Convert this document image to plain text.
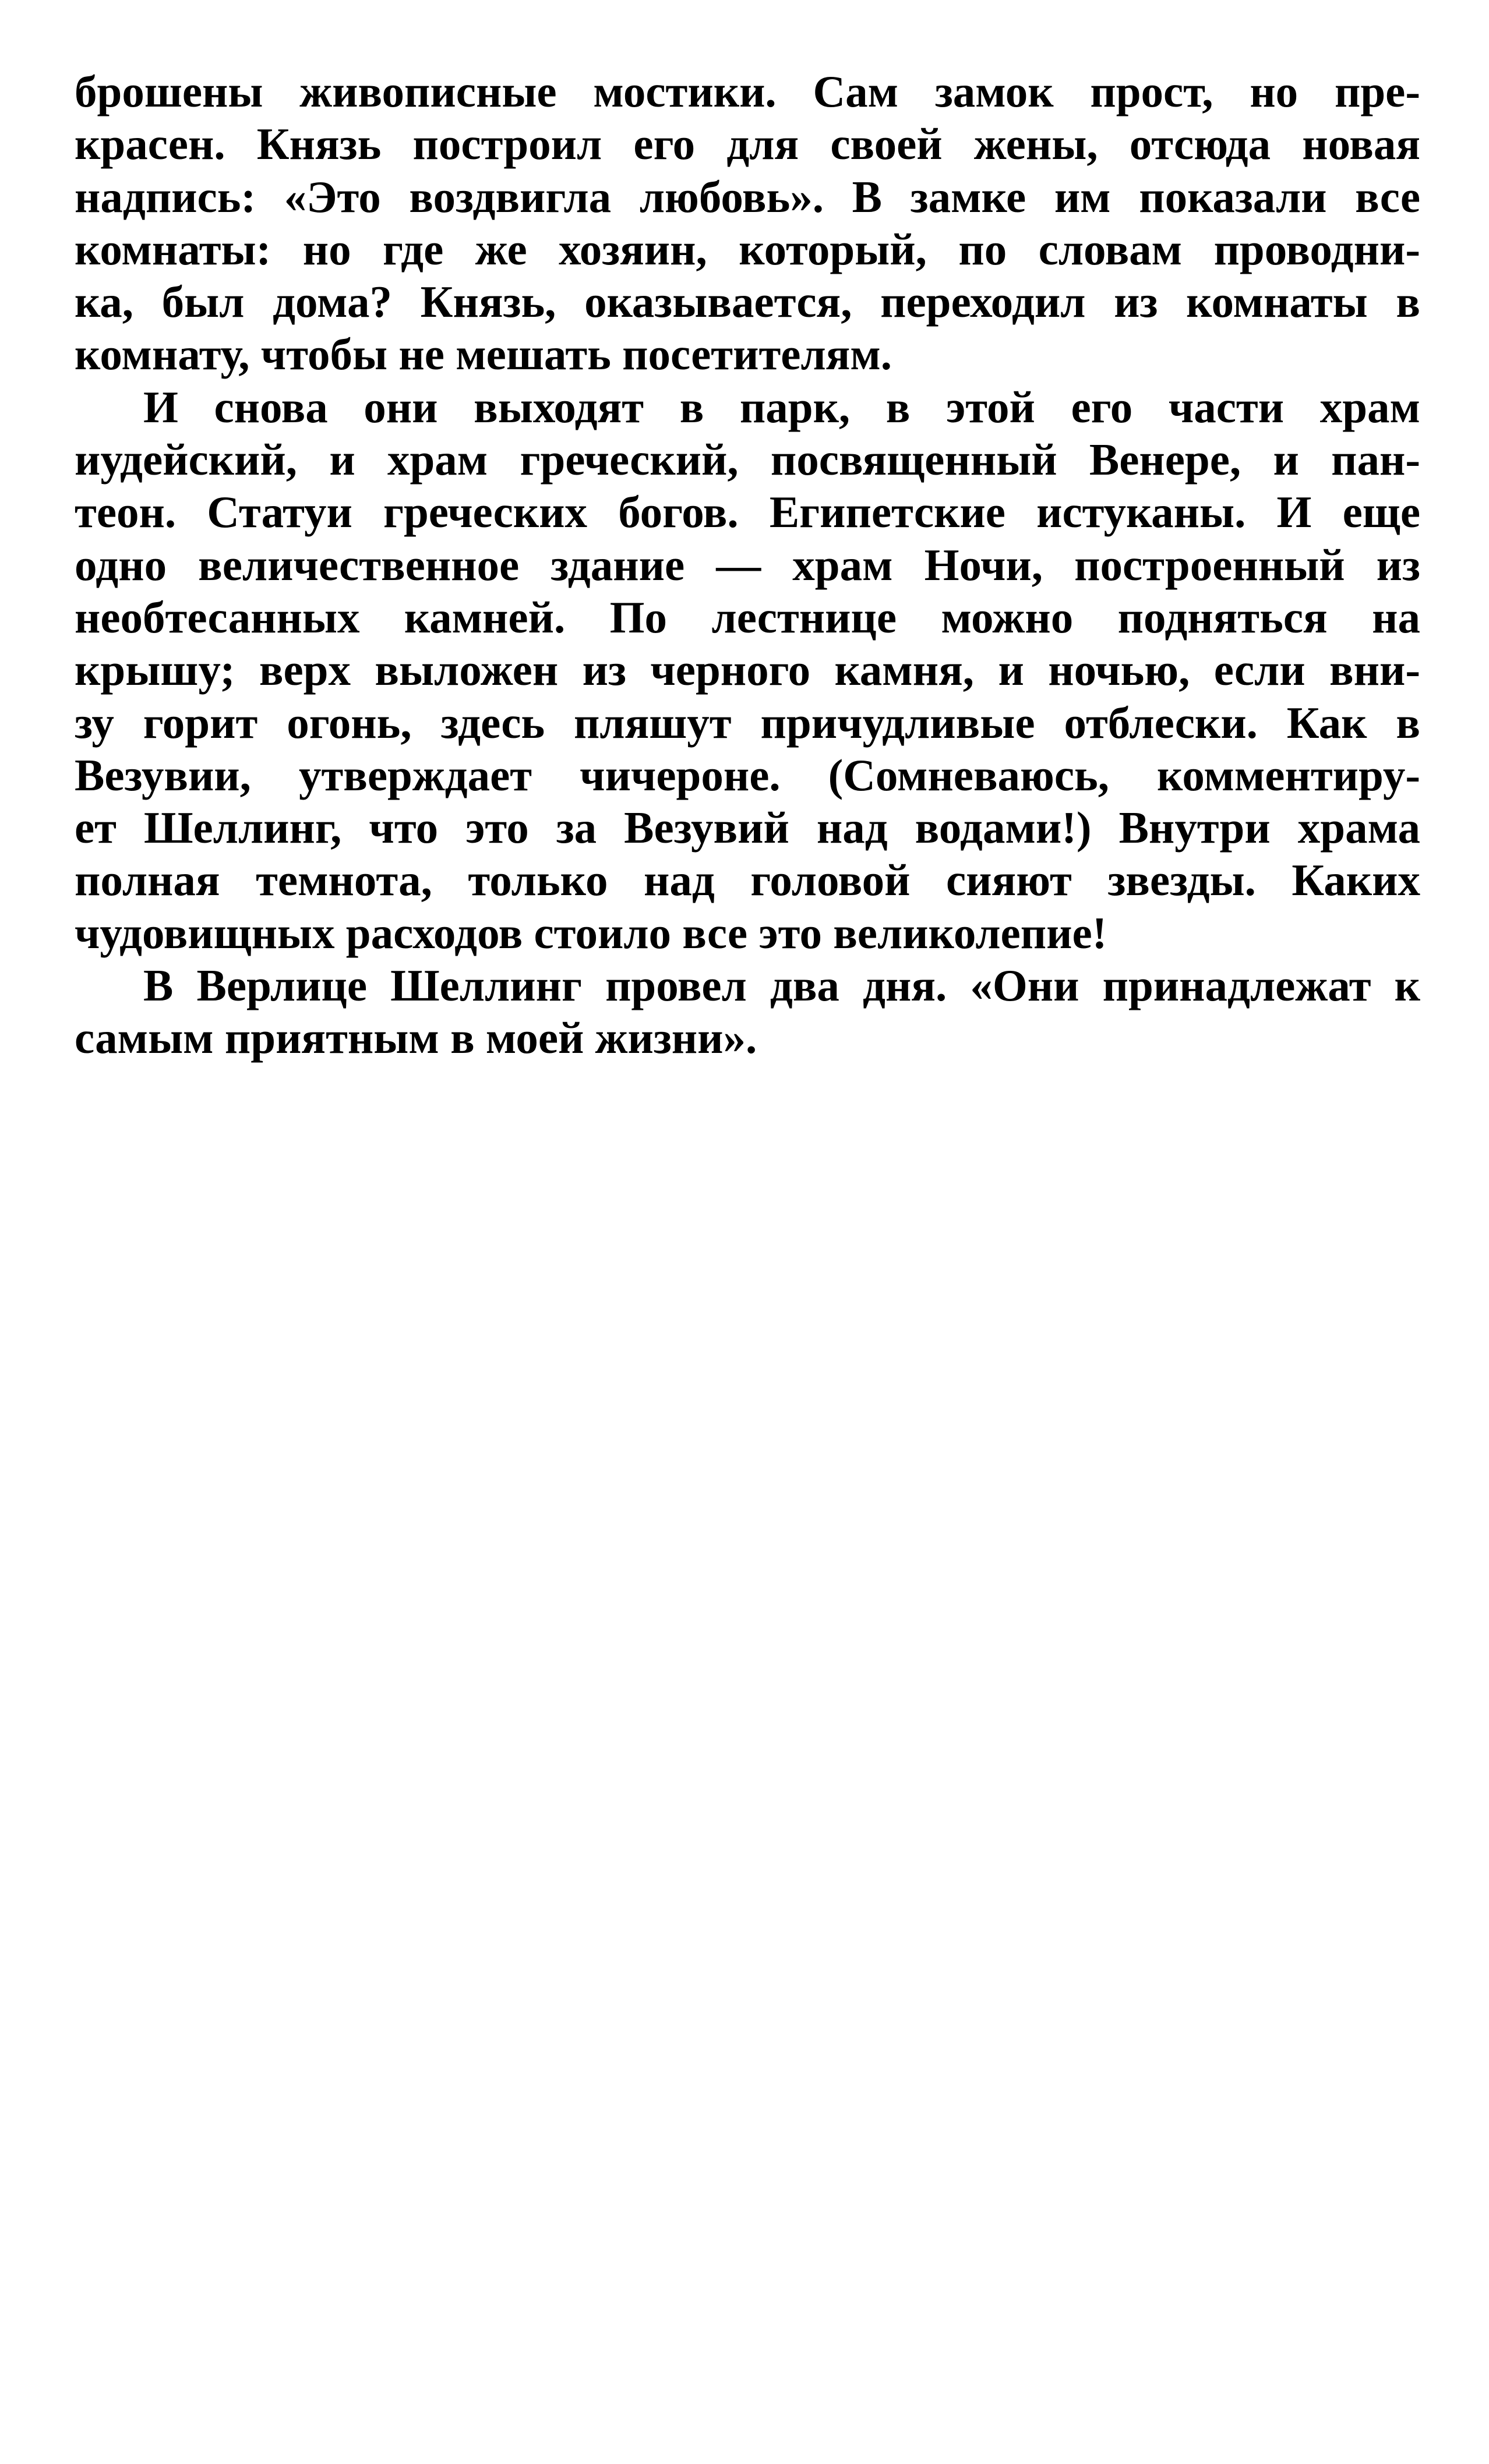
брошены живописные мостики. Сам замок прост, но пре-
красен. Князь построил его для своей жены, отсюда новая
надпись: «Это воздвигла любовь». В замке им показали все
комнаты: но где же хозяин, который, по словам проводни-
ка, был дома? Князь, оказывается, переходил из комнаты в
комнату, чтобы не мешать посетителям.
И снова они выходят в парк, в этой его части храм
иудейский, и храм греческий, посвященный Венере, и пан-
теон. Статуи греческих богов. Египетские истуканы. И еще
одно величественное здание — храм Ночи, построенный из
необтесанных камней. По лестнице можно подняться на
крышу; верх выложен из черного камня, и ночью, если вни-
зу горит огонь, здесь пляшут причудливые отблески. Как в
Везувии, утверждает чичероне. (Сомневаюсь, комментиру-
ет Шеллинг, что это за Везувий над водами!) Внутри храма
полная темнота, только над головой сияют звезды. Каких
чудовищных расходов стоило все это великолепие!
В Верлице Шеллинг провел два дня. «Они принадлежат к
самым приятным в моей жизни».
